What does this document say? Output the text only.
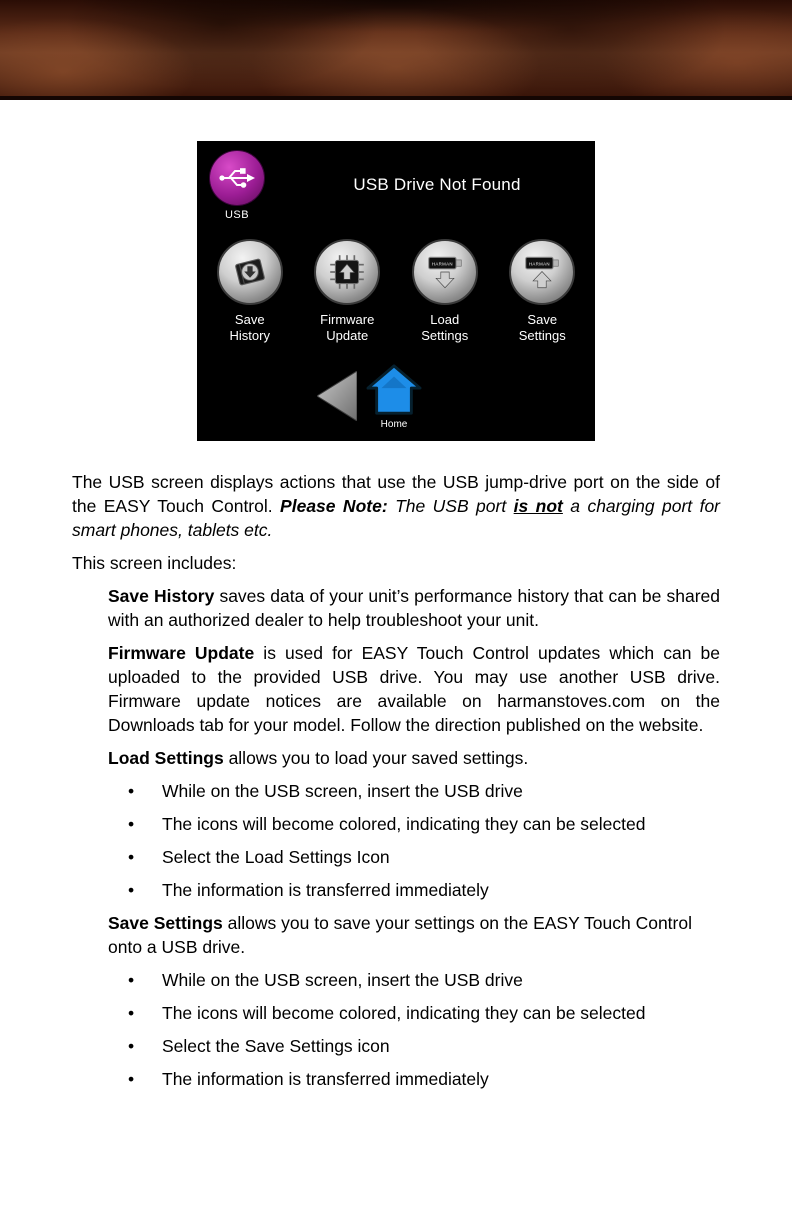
USB
USB Drive Not Found
Save History
Firmware Update
HARMAN
Load Settings
HARMAN
Save Settings
Home

The USB screen displays actions that use the USB jump-drive port on the side of the EASY Touch Control. Please Note: The USB port is not a charging port for smart phones, tablets etc.

This screen includes:

Save History saves data of your unit’s performance history that can be shared with an authorized dealer to help troubleshoot your unit.

Firmware Update is used for EASY Touch Control updates which can be uploaded to the provided USB drive. You may use another USB drive. Firmware update notices are available on harmanstoves.com on the Downloads tab for your model. Follow the direction published on the website.

Load Settings allows you to load your saved settings.

• While on the USB screen, insert the USB drive
• The icons will become colored, indicating they can be selected
• Select the Load Settings Icon
• The information is transferred immediately

Save Settings allows you to save your settings on the EASY Touch Control onto a USB drive.

• While on the USB screen, insert the USB drive
• The icons will become colored, indicating they can be selected
• Select the Save Settings icon
• The information is transferred immediately
